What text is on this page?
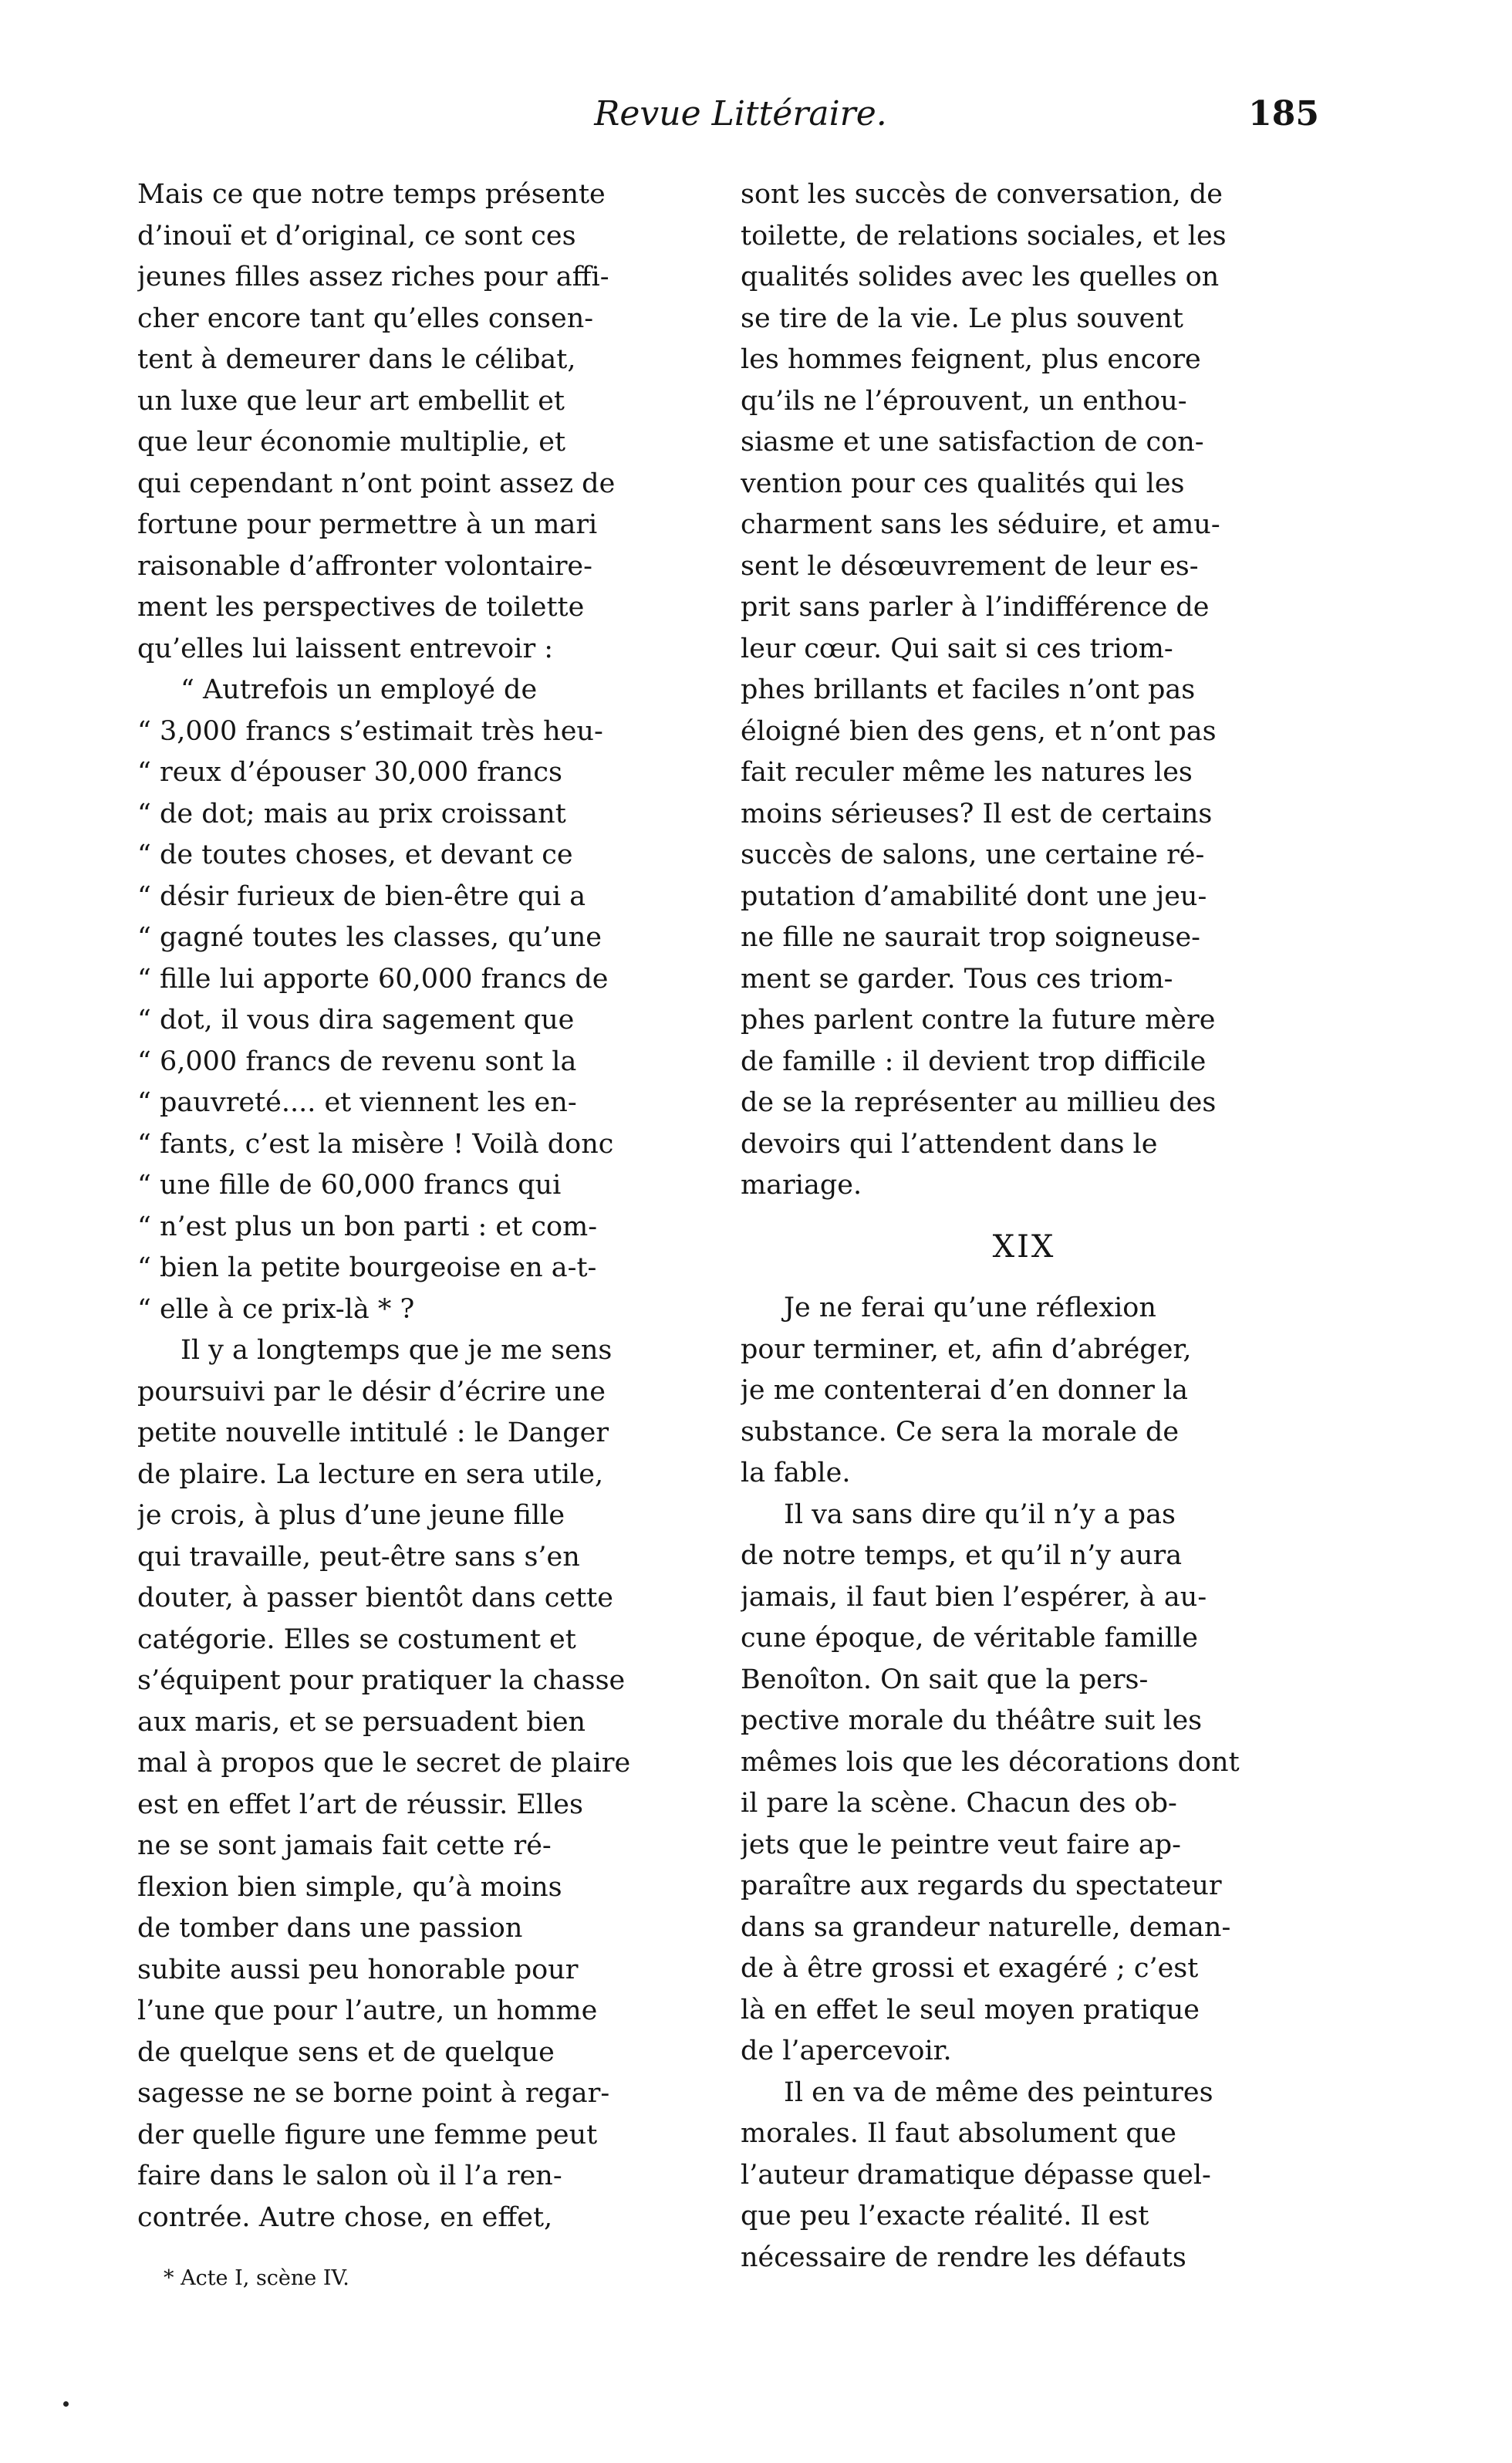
Revue Littéraire.	185
Mais ce que notre temps présente
d’inouï et d’original, ce sont ces
jeunes filles assez riches pour affi-
cher encore tant qu’elles consen-
tent à demeurer dans le célibat,
un luxe que leur art embellit et
que leur économie multiplie, et
qui cependant n’ont point assez de
fortune pour permettre à un mari
raisonable d’affronter volontaire-
ment les perspectives de toilette
qu’elles lui laissent entrevoir :
“ Autrefois un employé de
“ 3,000 francs s’estimait très heu-
“ reux d’épouser 30,000 francs
“ de dot; mais au prix croissant
“ de toutes choses, et devant ce
“ désir furieux de bien-être qui a
“ gagné toutes les classes, qu’une
“ fille lui apporte 60,000 francs de
“ dot, il vous dira sagement que
“ 6,000 francs de revenu sont la
“ pauvreté.... et viennent les en-
“ fants, c’est la misère ! Voilà donc
“ une fille de 60,000 francs qui
“ n’est plus un bon parti : et com-
“ bien la petite bourgeoise en a-t-
“ elle à ce prix-là * ?
Il y a longtemps que je me sens
poursuivi par le désir d’écrire une
petite nouvelle intitulé : le Danger
de plaire. La lecture en sera utile,
je crois, à plus d’une jeune fille
qui travaille, peut-être sans s’en
douter, à passer bientôt dans cette
catégorie. Elles se costument et
s’équipent pour pratiquer la chasse
aux maris, et se persuadent bien
mal à propos que le secret de plaire
est en effet l’art de réussir. Elles
ne se sont jamais fait cette ré-
flexion bien simple, qu’à moins
de tomber dans une passion
subite aussi peu honorable pour
l’une que pour l’autre, un homme
de quelque sens et de quelque
sagesse ne se borne point à regar-
der quelle figure une femme peut
faire dans le salon où il l’a ren-
contrée. Autre chose, en effet,
* Acte I, scène IV.
sont les succès de conversation, de
toilette, de relations sociales, et les
qualités solides avec les quelles on
se tire de la vie. Le plus souvent
les hommes feignent, plus encore
qu’ils ne l’éprouvent, un enthou-
siasme et une satisfaction de con-
vention pour ces qualités qui les
charment sans les séduire, et amu-
sent le désœuvrement de leur es-
prit sans parler à l’indifférence de
leur cœur. Qui sait si ces triom-
phes brillants et faciles n’ont pas
éloigné bien des gens, et n’ont pas
fait reculer même les natures les
moins sérieuses? Il est de certains
succès de salons, une certaine ré-
putation d’amabilité dont une jeu-
ne fille ne saurait trop soigneuse-
ment se garder. Tous ces triom-
phes parlent contre la future mère
de famille : il devient trop difficile
de se la représenter au millieu des
devoirs qui l’attendent dans le
mariage.
XIX
Je ne ferai qu’une réflexion
pour terminer, et, afin d’abréger,
je me contenterai d’en donner la
substance. Ce sera la morale de
la fable.
Il va sans dire qu’il n’y a pas
de notre temps, et qu’il n’y aura
jamais, il faut bien l’espérer, à au-
cune époque, de véritable famille
Benoîton. On sait que la pers-
pective morale du théâtre suit les
mêmes lois que les décorations dont
il pare la scène. Chacun des ob-
jets que le peintre veut faire ap-
paraître aux regards du spectateur
dans sa grandeur naturelle, deman-
de à être grossi et exagéré ; c’est
là en effet le seul moyen pratique
de l’apercevoir.
Il en va de même des peintures
morales. Il faut absolument que
l’auteur dramatique dépasse quel-
que peu l’exacte réalité. Il est
nécessaire de rendre les défauts
